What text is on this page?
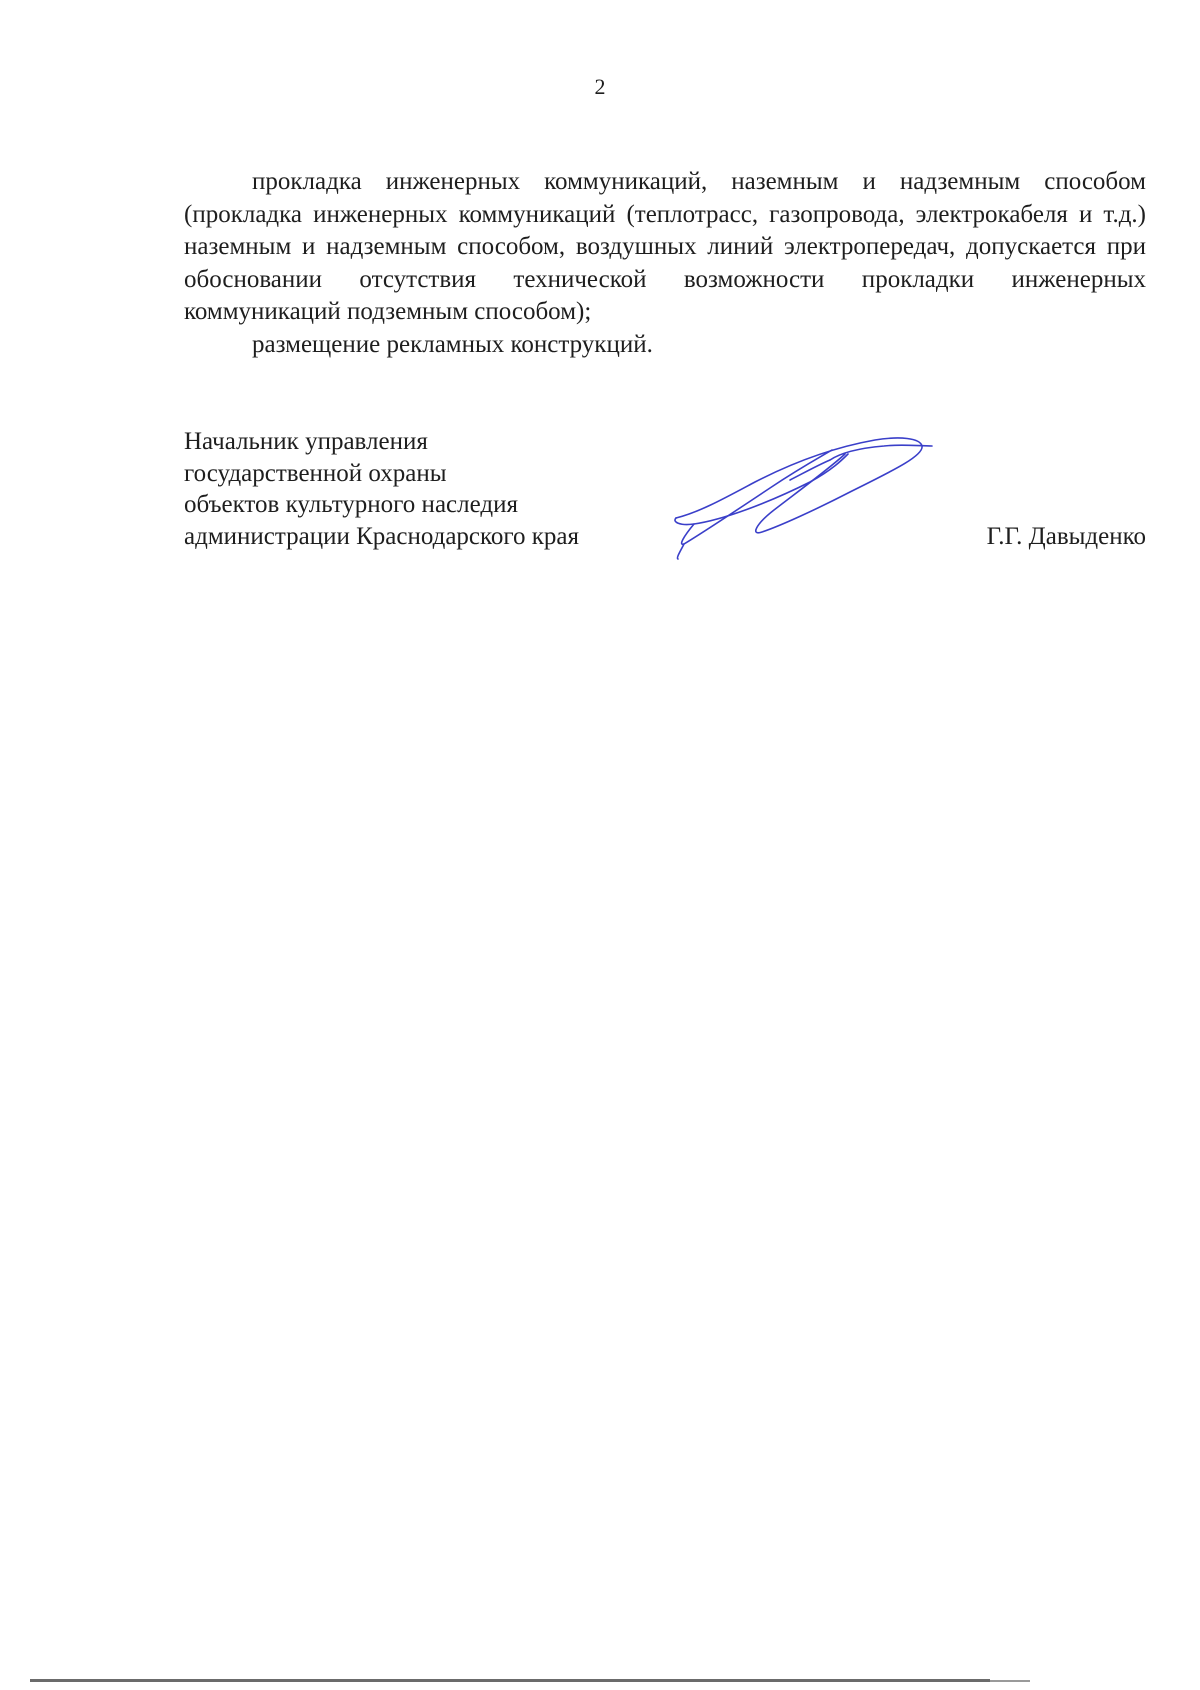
2

прокладка инженерных коммуникаций, наземным и надземным способом (прокладка инженерных коммуникаций (теплотрасс, газопровода, электрокабеля и т.д.) наземным и надземным способом, воздушных линий электропередач, допускается при обосновании отсутствия технической возможности прокладки инженерных коммуникаций подземным способом);

размещение рекламных конструкций.

Начальник управления
государственной охраны
объектов культурного наследия
администрации Краснодарского края	Г.Г. Давыденко
